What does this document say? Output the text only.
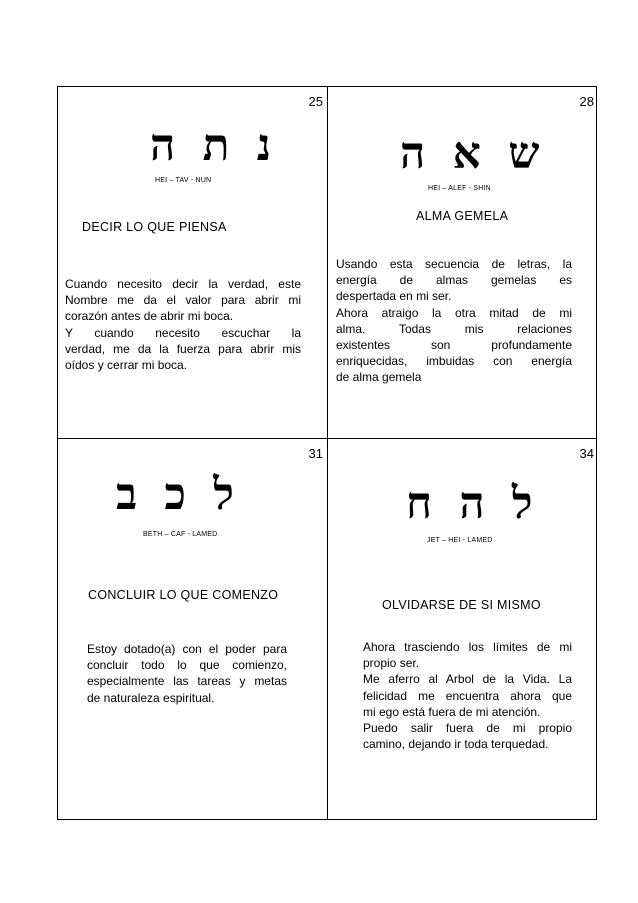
25
נ ת ה
HEI – TAV - NUN
DECIR LO QUE PIENSA
Cuando necesito decir la verdad, este
Nombre me da el valor para abrir mi
corazón antes de abrir mi boca.
Y cuando necesito escuchar la
verdad, me da la fuerza para abrir mis
oídos y cerrar mi boca.
28
ש א ה
HEI – ALEF - SHIN
ALMA GEMELA
Usando esta secuencia de letras, la
energía de almas gemelas es
despertada en mi ser.
Ahora atraigo la otra mitad de mi
alma. Todas mis relaciones
existentes son profundamente
enriquecidas, imbuidas con energía
de alma gemela
31
ל כ ב
BETH – CAF - LAMED
CONCLUIR LO QUE COMENZO
Estoy dotado(a) con el poder para
concluir todo lo que comienzo,
especialmente las tareas y metas
de naturaleza espiritual.
34
ל ה ח
JET – HEI - LAMED
OLVIDARSE DE SI MISMO
Ahora trasciendo los límites de mi
propio ser.
Me aferro al Arbol de la Vida. La
felicidad me encuentra ahora que
mi ego está fuera de mi atención.
Puedo salir fuera de mi propio
camino, dejando ir toda terquedad.
